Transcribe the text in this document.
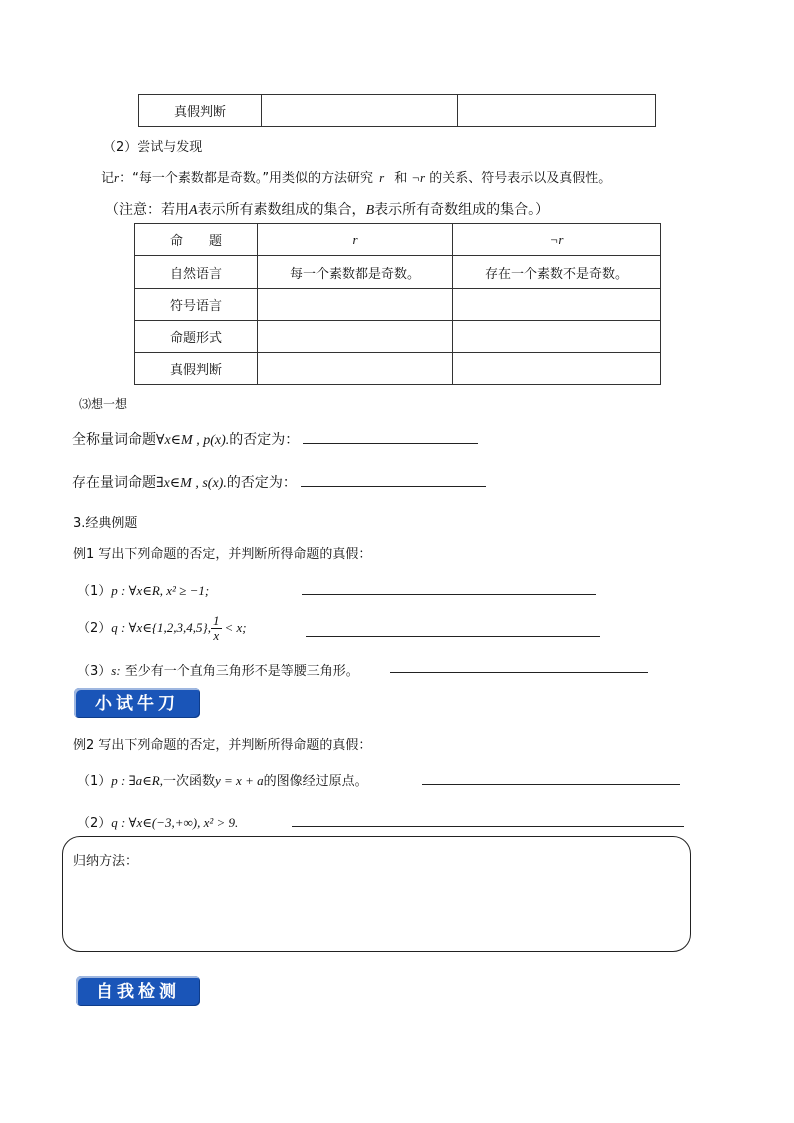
真假判断		
（2）尝试与发现
记r：“每一个素数都是奇数。”用类似的方法研究 r 和 ¬r 的关系、符号表示以及真假性。
（注意：若用A表示所有素数组成的集合，B表示所有奇数组成的集合。）
命　　题	r	¬r
自然语言	每一个素数都是奇数。	存在一个素数不是奇数。
符号语言		
命题形式		
真假判断		
⑶想一想
全称量词命题∀x∈M , p(x).的否定为：
存在量词命题∃x∈M , s(x).的否定为：
3.经典例题
例1 写出下列命题的否定，并判断所得命题的真假：
（1）p : ∀x∈R, x² ≥ −1;
（2）q : ∀x∈{1,2,3,4,5}, $\frac{1}{x} < x$;
（3）s: 至少有一个直角三角形不是等腰三角形。
小试牛刀
例2 写出下列命题的否定，并判断所得命题的真假：
（1）p : ∃a∈R,一次函数y = x + a的图像经过原点。
（2）q : ∀x∈(−3,+∞), x² > 9.
归纳方法：
自我检测
